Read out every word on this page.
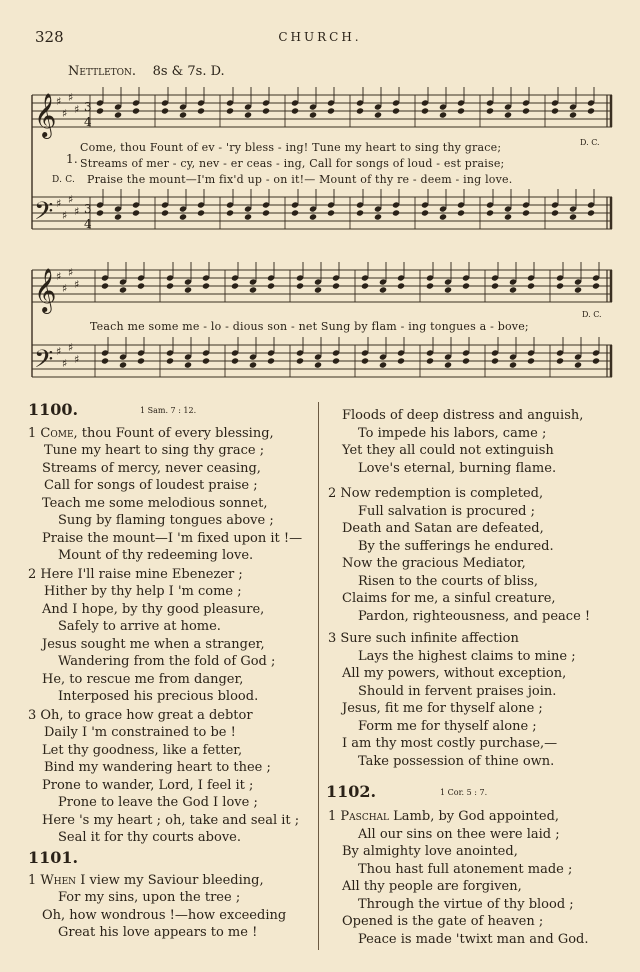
328	CHURCH.
Nettleton. 8s & 7s. D.
𝄞
𝄢
𝄞
𝄢
♯
♯
♯
♯
♯
♯
♯
♯
♯
♯
♯
♯
♯
♯
♯
♯
3
4
3
4
1.
Come, thou Fount of ev - 'ry bless - ing! Tune my heart to sing thy grace;
Streams of mer - cy, nev - er ceas - ing, Call for songs of loud - est praise;
D. C. Praise the mount—I'm fix'd up - on it!— Mount of thy re - deem - ing love.
D. C.
Teach me some me - lo - dious son - net Sung by flam - ing tongues a - bove;
D. C.
1100.	1 Sam. 7 : 12.
1101.
1102.	1 Cor. 5 : 7.
1 Come, thou Fount of every blessing,
Tune my heart to sing thy grace ;
Streams of mercy, never ceasing,
Call for songs of loudest praise ;
Teach me some melodious sonnet,
Sung by flaming tongues above ;
Praise the mount—I 'm fixed upon it !—
Mount of thy redeeming love.
2 Here I'll raise mine Ebenezer ;
Hither by thy help I 'm come ;
And I hope, by thy good pleasure,
Safely to arrive at home.
Jesus sought me when a stranger,
Wandering from the fold of God ;
He, to rescue me from danger,
Interposed his precious blood.
3 Oh, to grace how great a debtor
Daily I 'm constrained to be !
Let thy goodness, like a fetter,
Bind my wandering heart to thee ;
Prone to wander, Lord, I feel it ;
Prone to leave the God I love ;
Here 's my heart ; oh, take and seal it ;
Seal it for thy courts above.
1 When I view my Saviour bleeding,
For my sins, upon the tree ;
Oh, how wondrous !—how exceeding
Great his love appears to me !
Floods of deep distress and anguish,
To impede his labors, came ;
Yet they all could not extinguish
Love's eternal, burning flame.
2 Now redemption is completed,
Full salvation is procured ;
Death and Satan are defeated,
By the sufferings he endured.
Now the gracious Mediator,
Risen to the courts of bliss,
Claims for me, a sinful creature,
Pardon, righteousness, and peace !
3 Sure such infinite affection
Lays the highest claims to mine ;
All my powers, without exception,
Should in fervent praises join.
Jesus, fit me for thyself alone ;
Form me for thyself alone ;
I am thy most costly purchase,—
Take possession of thine own.
1 Paschal Lamb, by God appointed,
All our sins on thee were laid ;
By almighty love anointed,
Thou hast full atonement made ;
All thy people are forgiven,
Through the virtue of thy blood ;
Opened is the gate of heaven ;
Peace is made 'twixt man and God.
